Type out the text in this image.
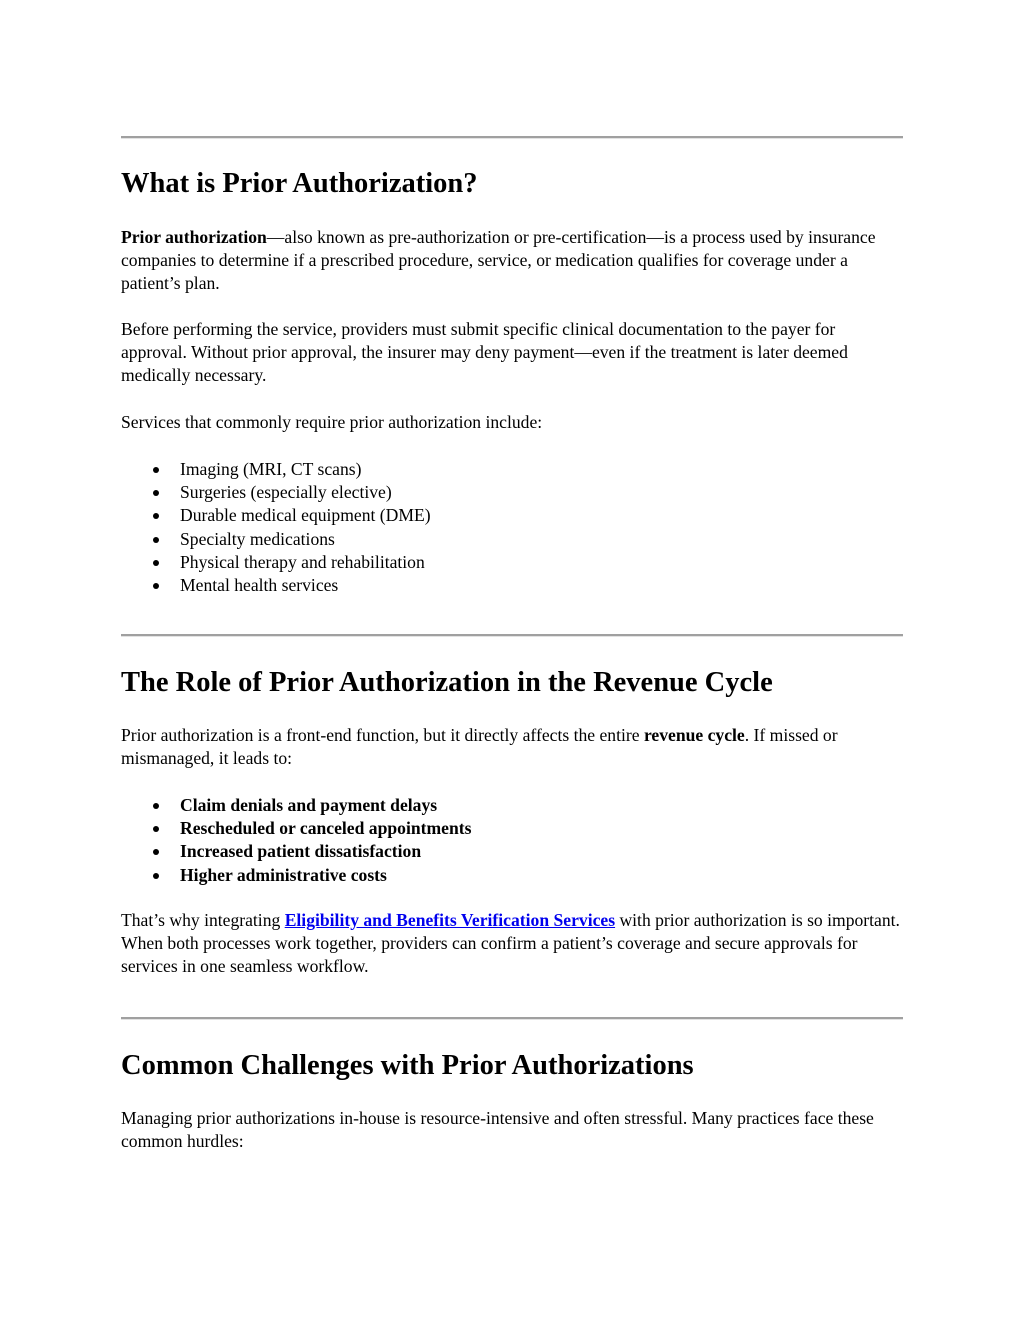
What is Prior Authorization?

Prior authorization—also known as pre-authorization or pre-certification—is a process used by insurance companies to determine if a prescribed procedure, service, or medication qualifies for coverage under a patient’s plan.

Before performing the service, providers must submit specific clinical documentation to the payer for approval. Without prior approval, the insurer may deny payment—even if the treatment is later deemed medically necessary.

Services that commonly require prior authorization include:

Imaging (MRI, CT scans)
Surgeries (especially elective)
Durable medical equipment (DME)
Specialty medications
Physical therapy and rehabilitation
Mental health services
The Role of Prior Authorization in the Revenue Cycle

Prior authorization is a front-end function, but it directly affects the entire revenue cycle. If missed or mismanaged, it leads to:

Claim denials and payment delays
Rescheduled or canceled appointments
Increased patient dissatisfaction
Higher administrative costs

That’s why integrating Eligibility and Benefits Verification Services with prior authorization is so important. When both processes work together, providers can confirm a patient’s coverage and secure approvals for services in one seamless workflow.

Common Challenges with Prior Authorizations

Managing prior authorizations in-house is resource-intensive and often stressful. Many practices face these common hurdles:
